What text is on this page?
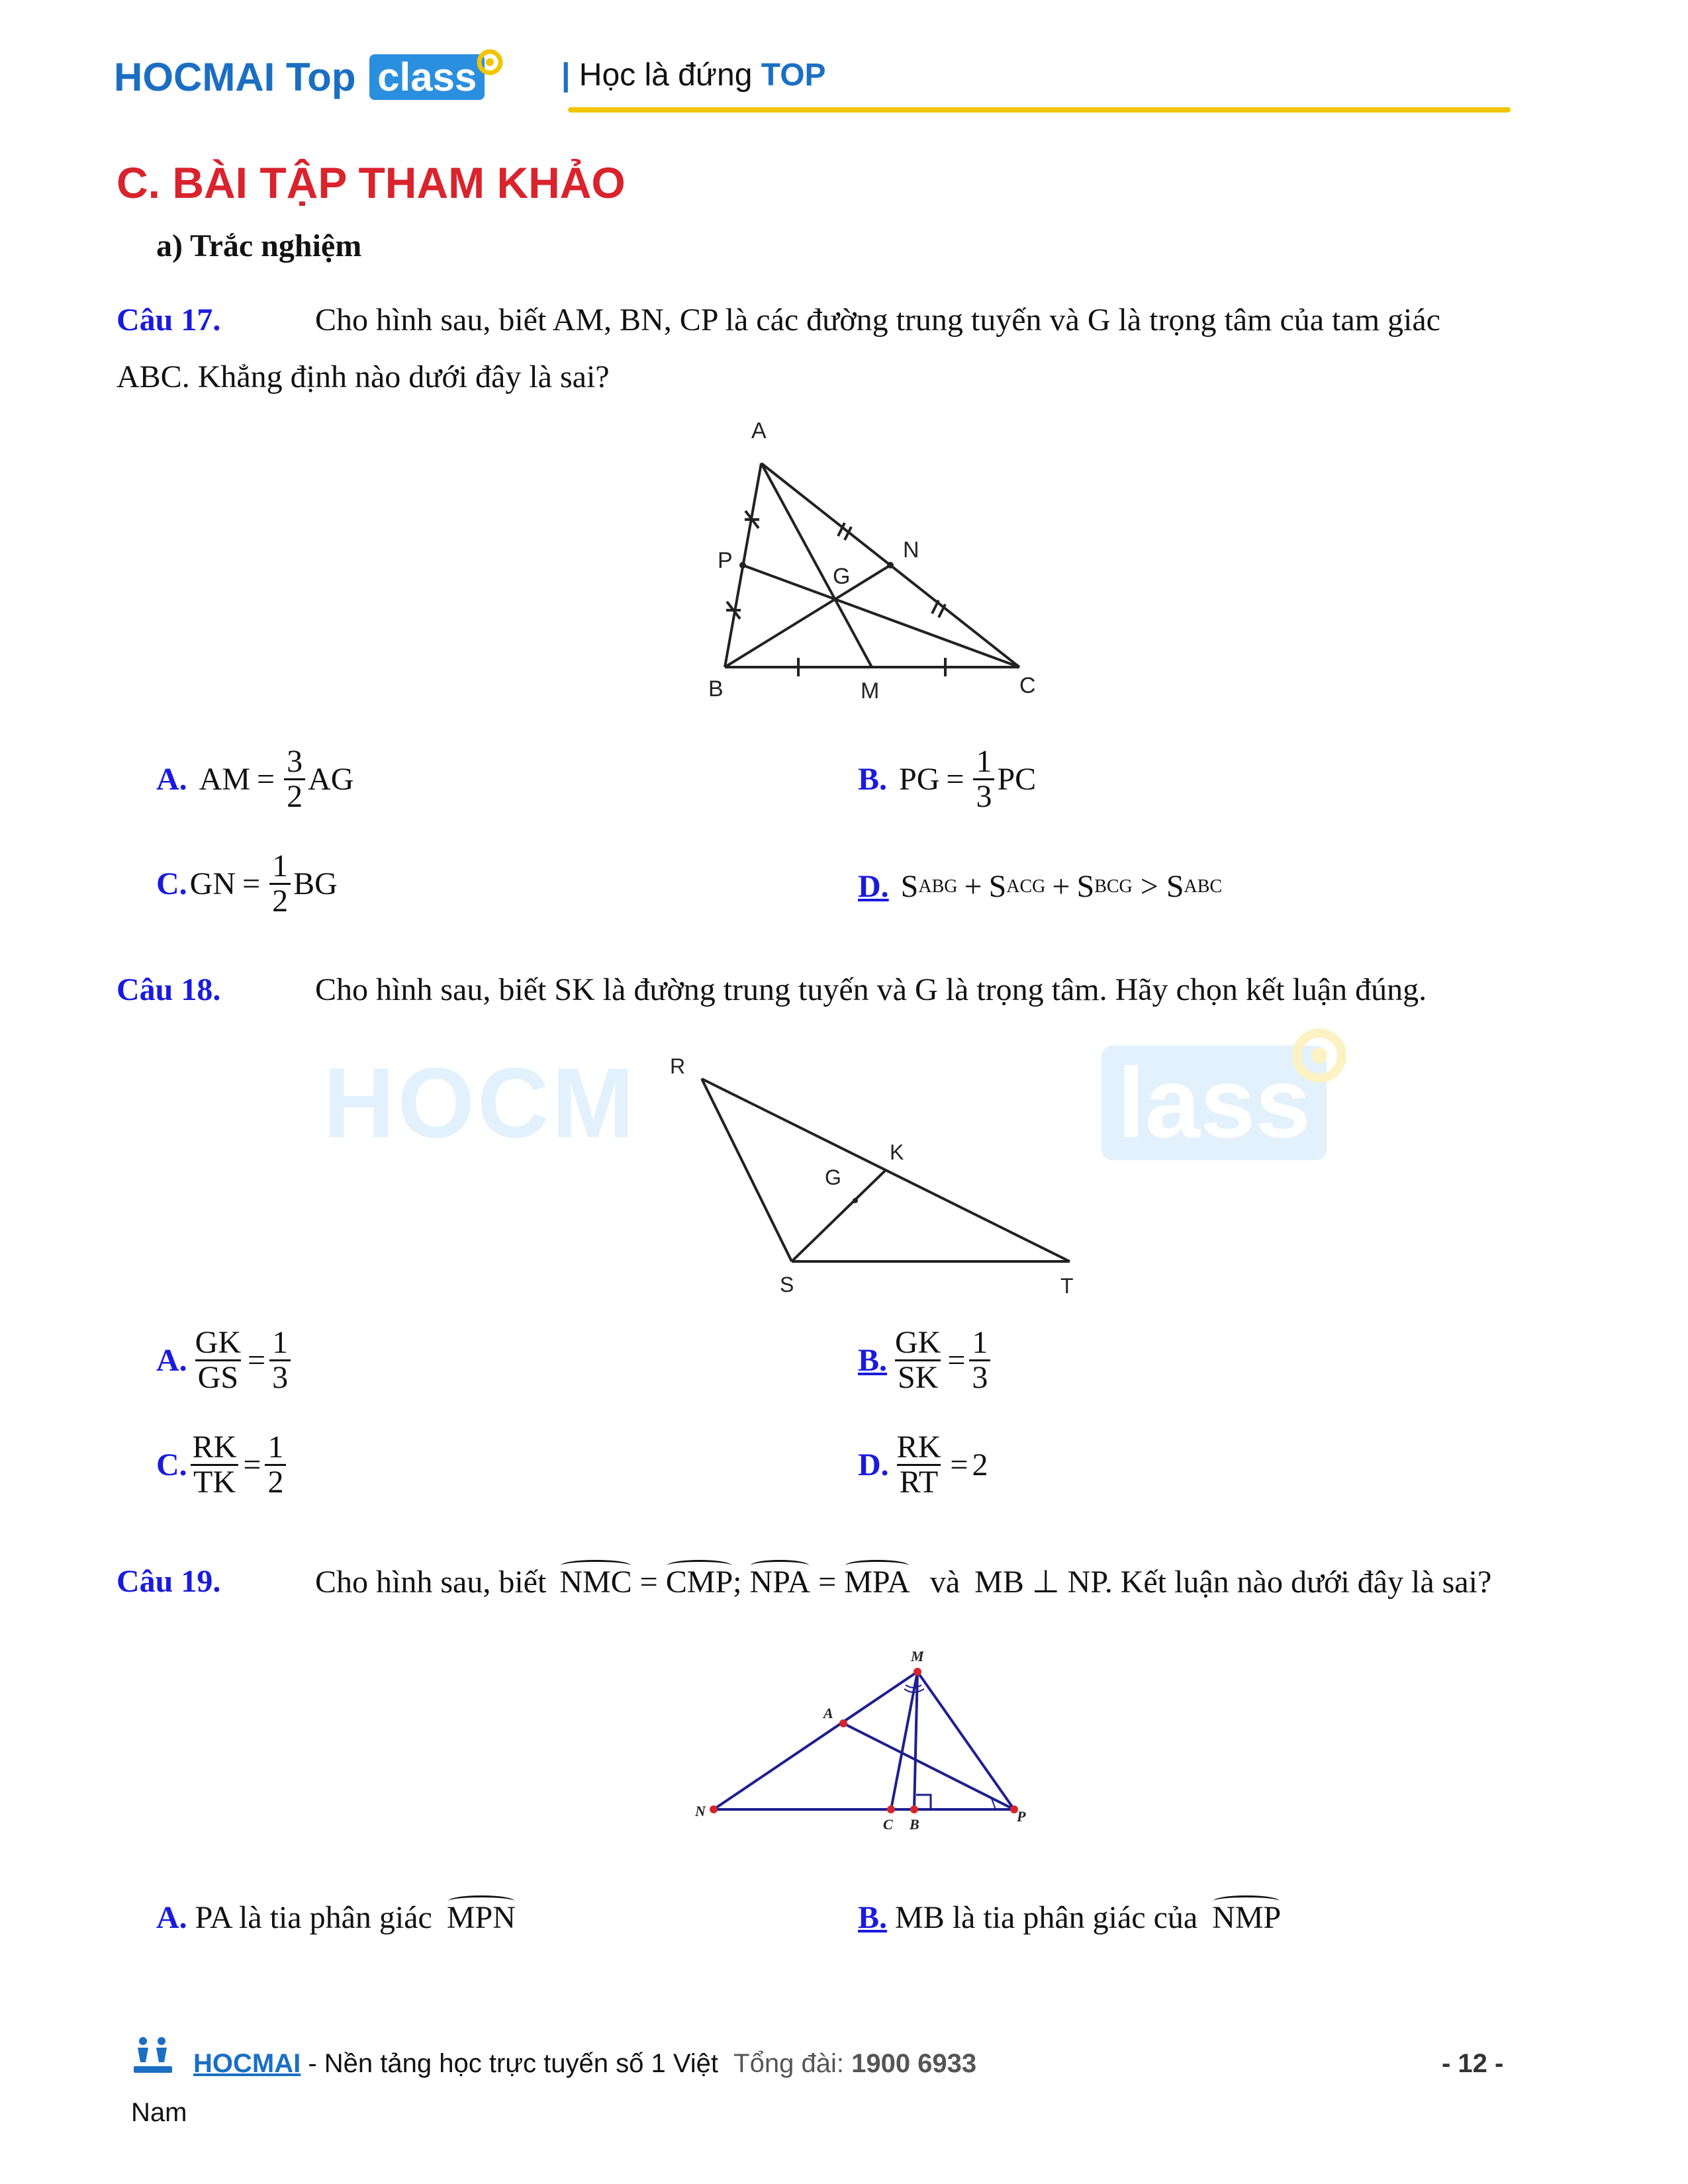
HOCMAI Top class	| Học là đứng TOP
C. BÀI TẬP THAM KHẢO
a) Trắc nghiệm
Câu 17.	Cho hình sau, biết AM, BN, CP là các đường trung tuyến và G là trọng tâm của tam giác
ABC. Khẳng định nào dưới đây là sai?
A
P
G
N
B	M	C
A. AM = $\frac{3}{2}$ AG	B. PG = $\frac{1}{3}$ PC
C. GN = $\frac{1}{2}$ BG	D. S ABG + S ACG + S BCG > S ABC
Câu 18.	Cho hình sau, biết SK là đường trung tuyến và G là trọng tâm. Hãy chọn kết luận đúng.
HOCM	lass
R
K
G
S	T
A. $\frac{GK}{GS} = \frac{1}{3}$	B. $\frac{GK}{SK} = \frac{1}{3}$
C. $\frac{RK}{TK} = \frac{1}{2}$	D. $\frac{RK}{RT} = 2$
Câu 19.	Cho hình sau, biết NMC = CMP; NPA = MPA và MB ⊥ NP. Kết luận nào dưới đây là sai?
M
A
N
C B	P
A. PA là tia phân giác MPN	B. MB là tia phân giác của NMP
HOCMAI - Nền tảng học trực tuyến số 1 Việt Tổng đài: 1900 6933	- 12 -
Nam
